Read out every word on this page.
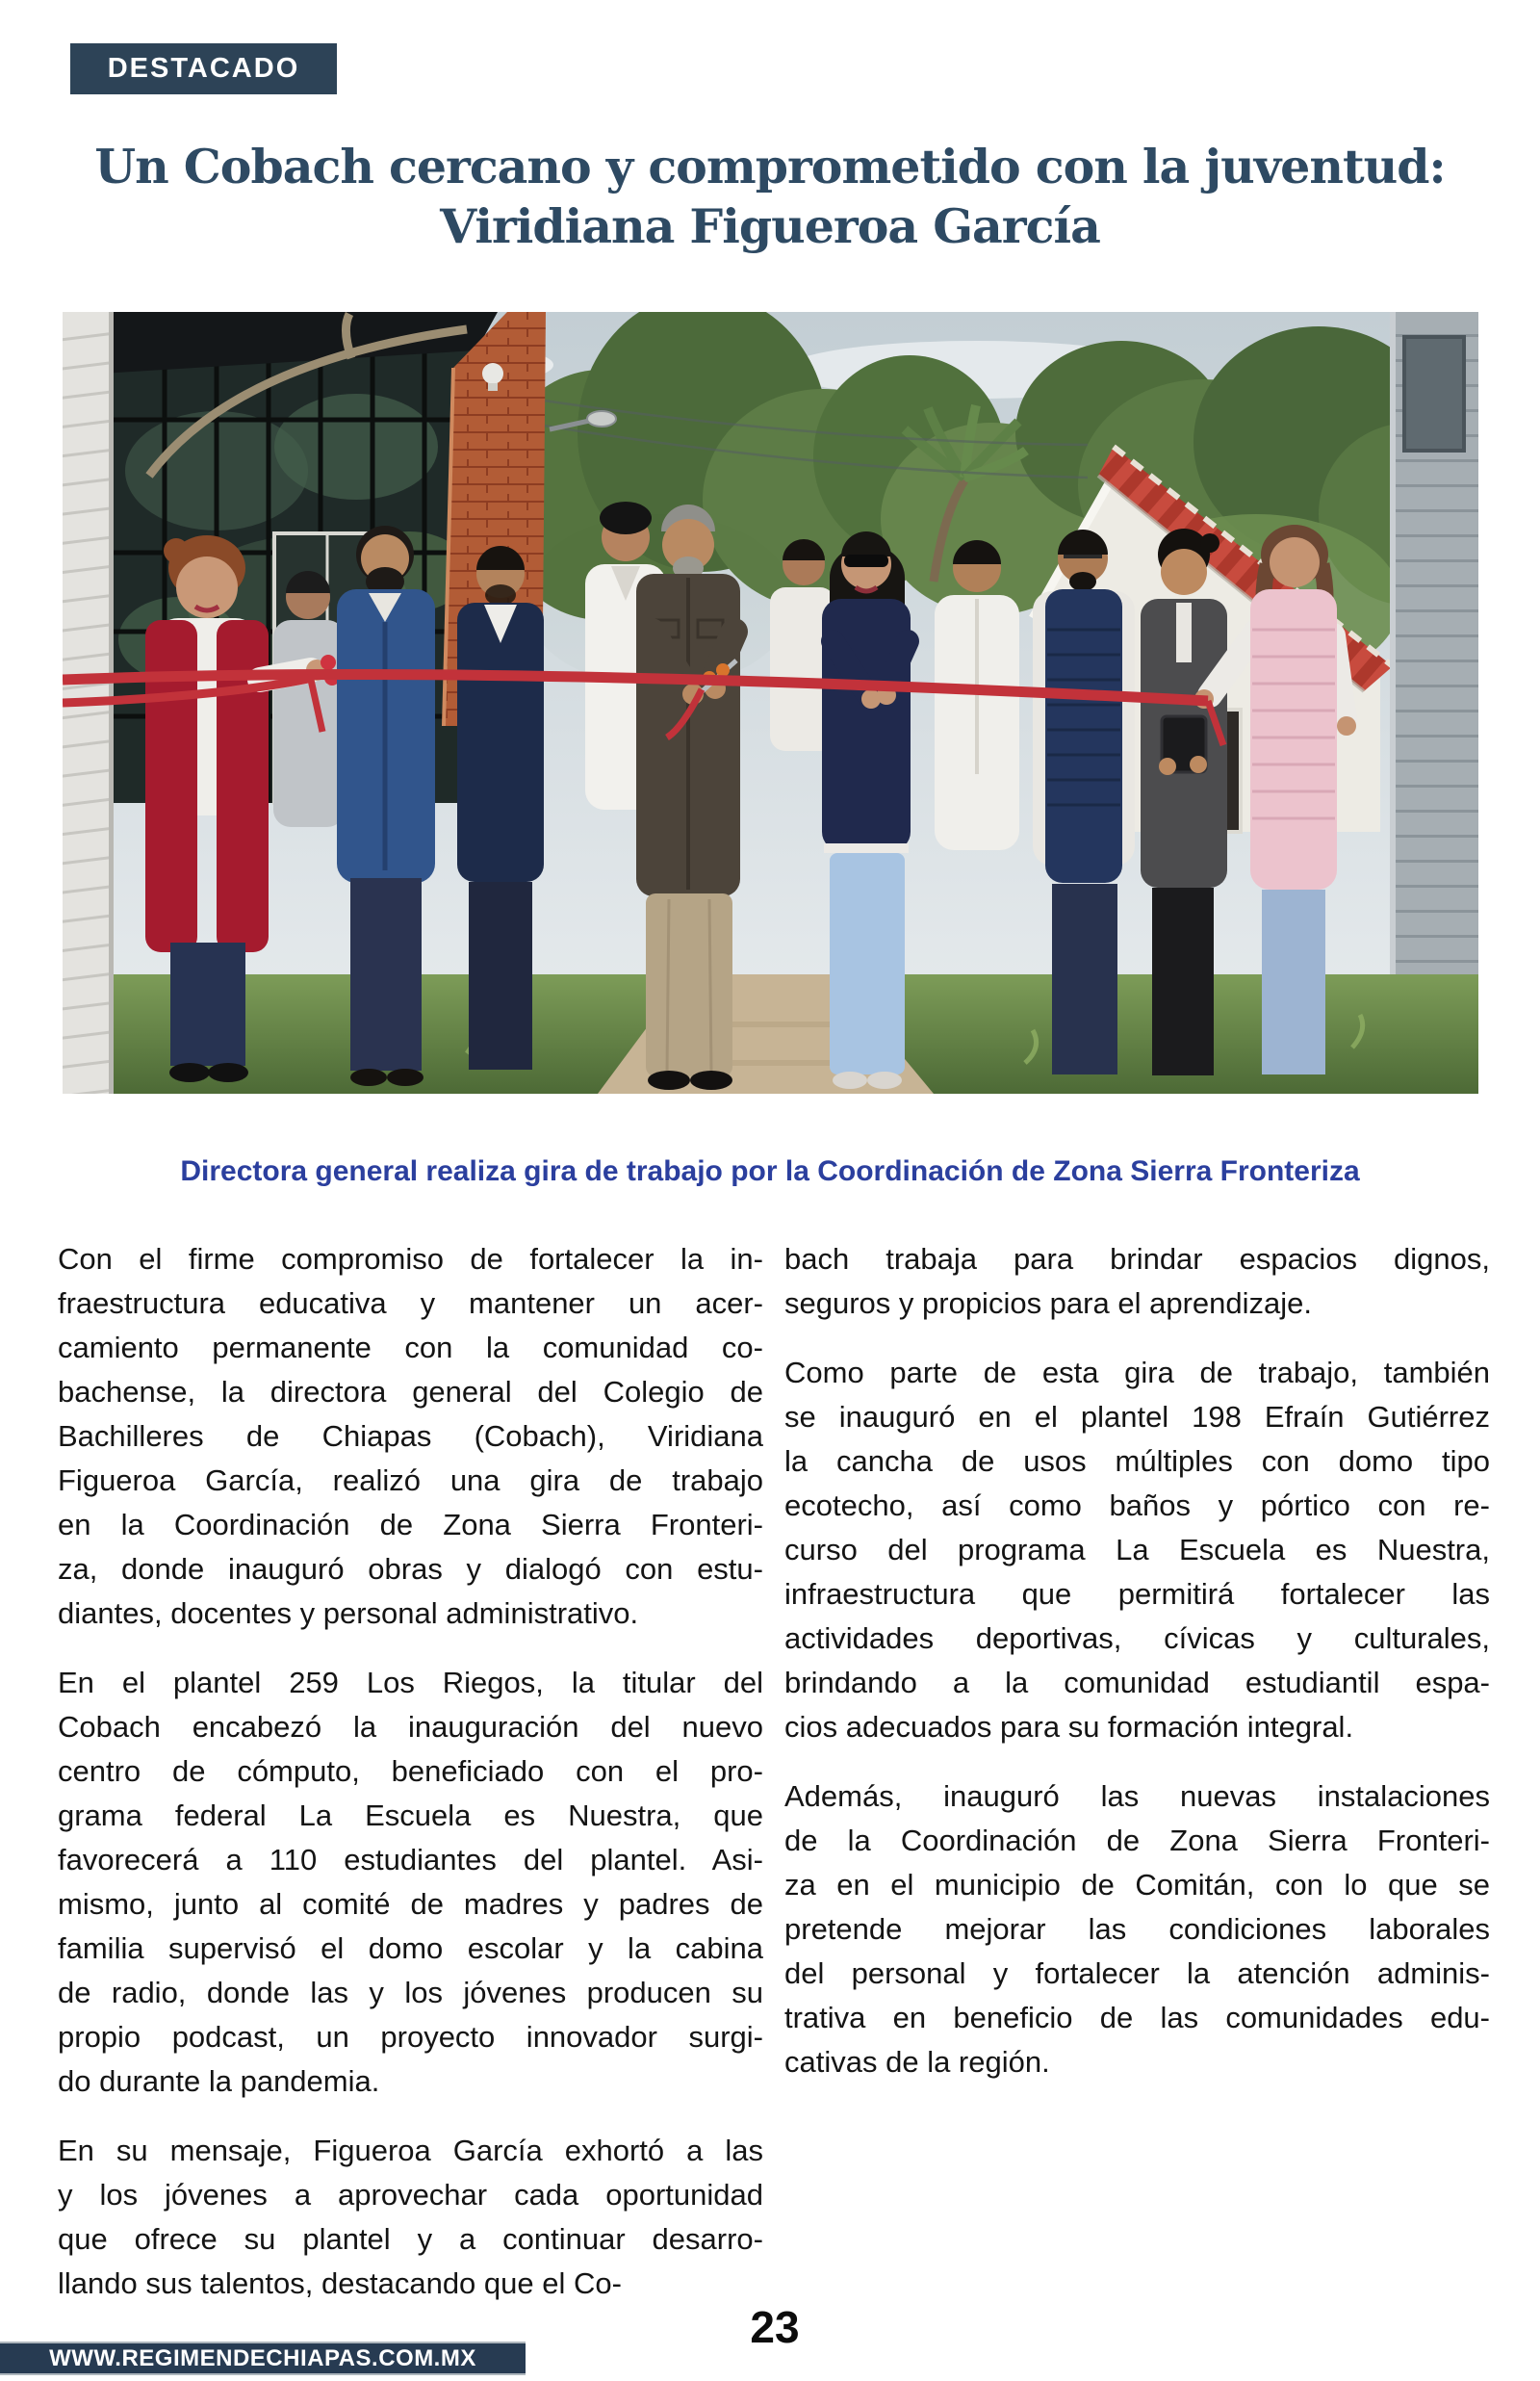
DESTACADO
Un Cobach cercano y comprometido con la juventud:
Viridiana Figueroa García
Directora general realiza gira de trabajo por la Coordinación de Zona Sierra Fronteriza
Con el firme compromiso de fortalecer la in-
fraestructura educativa y mantener un acer-
camiento permanente con la comunidad co-
bachense, la directora general del Colegio de
Bachilleres de Chiapas (Cobach), Viridiana
Figueroa García, realizó una gira de trabajo
en la Coordinación de Zona Sierra Fronteri-
za, donde inauguró obras y dialogó con estu-
diantes, docentes y personal administrativo.
En el plantel 259 Los Riegos, la titular del
Cobach encabezó la inauguración del nuevo
centro de cómputo, beneficiado con el pro-
grama federal La Escuela es Nuestra, que
favorecerá a 110 estudiantes del plantel. Asi-
mismo, junto al comité de madres y padres de
familia supervisó el domo escolar y la cabina
de radio, donde las y los jóvenes producen su
propio podcast, un proyecto innovador surgi-
do durante la pandemia.
En su mensaje, Figueroa García exhortó a las
y los jóvenes a aprovechar cada oportunidad
que ofrece su plantel y a continuar desarro-
llando sus talentos, destacando que el Co-
bach trabaja para brindar espacios dignos,
seguros y propicios para el aprendizaje.
Como parte de esta gira de trabajo, también
se inauguró en el plantel 198 Efraín Gutiérrez
la cancha de usos múltiples con domo tipo
ecotecho, así como baños y pórtico con re-
curso del programa La Escuela es Nuestra,
infraestructura que permitirá fortalecer las
actividades deportivas, cívicas y culturales,
brindando a la comunidad estudiantil espa-
cios adecuados para su formación integral.
Además, inauguró las nuevas instalaciones
de la Coordinación de Zona Sierra Fronteri-
za en el municipio de Comitán, con lo que se
pretende mejorar las condiciones laborales
del personal y fortalecer la atención adminis-
trativa en beneficio de las comunidades edu-
cativas de la región.
WWW.REGIMENDECHIAPAS.COM.MX
23
